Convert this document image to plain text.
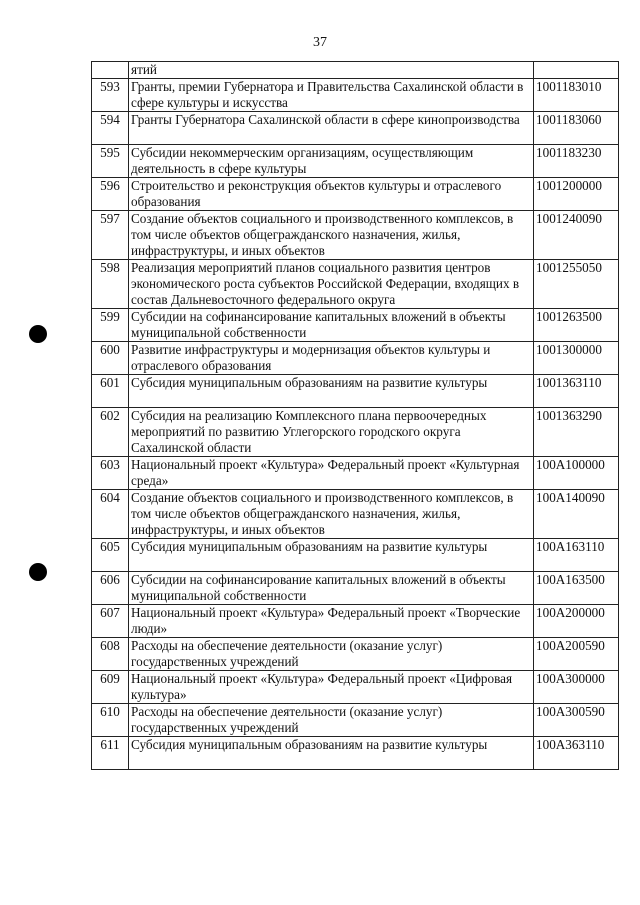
37
	ятий	
593	Гранты, премии Губернатора и Правительства Сахалинской области в сфере культуры и искусства	1001183010
594	Гранты Губернатора Сахалинской области в сфере кинопроизводства	1001183060
595	Субсидии некоммерческим организациям, осуществляющим деятельность в сфере культуры	1001183230
596	Строительство и реконструкция объектов культуры и отраслевого образования	1001200000
597	Создание объектов социального и производственного комплексов, в том числе объектов общегражданского назначения, жилья, инфраструктуры, и иных объектов	1001240090
598	Реализация мероприятий планов социального развития центров экономического роста субъектов Российской Федерации, входящих в состав Дальневосточного федерального округа	1001255050
599	Субсидии на софинансирование капитальных вложений в объекты муниципальной собственности	1001263500
600	Развитие инфраструктуры и модернизация объектов культуры и отраслевого образования	1001300000
601	Субсидия муниципальным образованиям на развитие культуры	1001363110
602	Субсидия на реализацию Комплексного плана первоочередных мероприятий по развитию Углегорского городского округа Сахалинской области	1001363290
603	Национальный проект «Культура» Федеральный проект «Культурная среда»	100A100000
604	Создание объектов социального и производственного комплексов, в том числе объектов общегражданского назначения, жилья, инфраструктуры, и иных объектов	100A140090
605	Субсидия муниципальным образованиям на развитие культуры	100A163110
606	Субсидии на софинансирование капитальных вложений в объекты муниципальной собственности	100A163500
607	Национальный проект «Культура» Федеральный проект «Творческие люди»	100A200000
608	Расходы на обеспечение деятельности (оказание услуг) государственных учреждений	100A200590
609	Национальный проект «Культура» Федеральный проект «Цифровая культура»	100A300000
610	Расходы на обеспечение деятельности (оказание услуг) государственных учреждений	100A300590
611	Субсидия муниципальным образованиям на развитие культуры	100A363110
